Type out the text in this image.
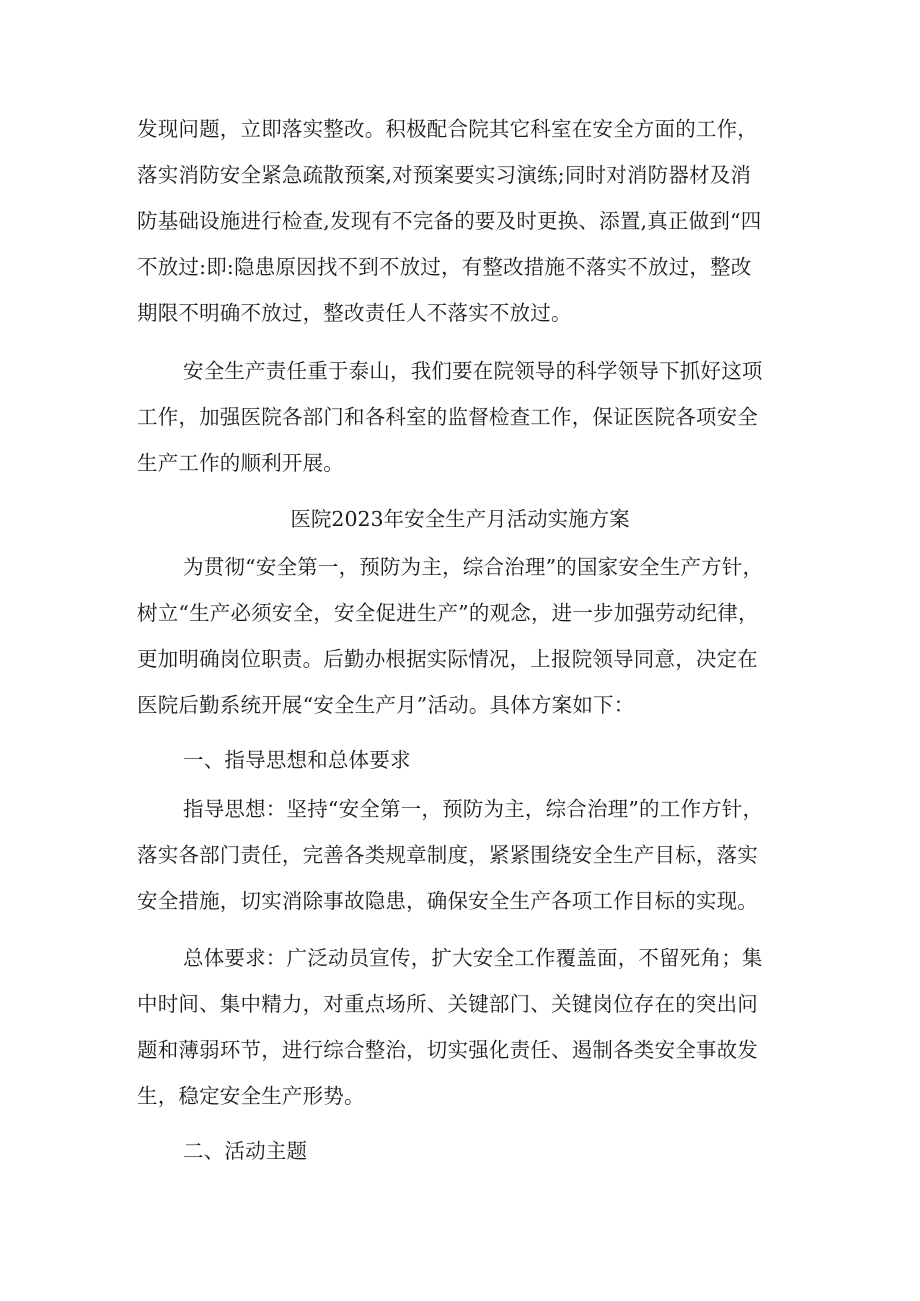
发现问题，立即落实整改。积极配合院其它科室在安全方面的工作，
落实消防安全紧急疏散预案,对预案要实习演练;同时对消防器材及消
防基础设施进行检查,发现有不完备的要及时更换、添置,真正做到“四
不放过:即:隐患原因找不到不放过，有整改措施不落实不放过，整改
期限不明确不放过，整改责任人不落实不放过。
安全生产责任重于泰山，我们要在院领导的科学领导下抓好这项
工作，加强医院各部门和各科室的监督检查工作，保证医院各项安全
生产工作的顺利开展。
医院2023年安全生产月活动实施方案
为贯彻“安全第一，预防为主，综合治理”的国家安全生产方针，
树立“生产必须安全，安全促进生产”的观念，进一步加强劳动纪律，
更加明确岗位职责。后勤办根据实际情况，上报院领导同意，决定在
医院后勤系统开展“安全生产月”活动。具体方案如下：
一、指导思想和总体要求
指导思想：坚持“安全第一，预防为主，综合治理”的工作方针，
落实各部门责任，完善各类规章制度，紧紧围绕安全生产目标，落实
安全措施，切实消除事故隐患，确保安全生产各项工作目标的实现。
总体要求：广泛动员宣传，扩大安全工作覆盖面，不留死角；集
中时间、集中精力，对重点场所、关键部门、关键岗位存在的突出问
题和薄弱环节，进行综合整治，切实强化责任、遏制各类安全事故发
生，稳定安全生产形势。
二、活动主题
